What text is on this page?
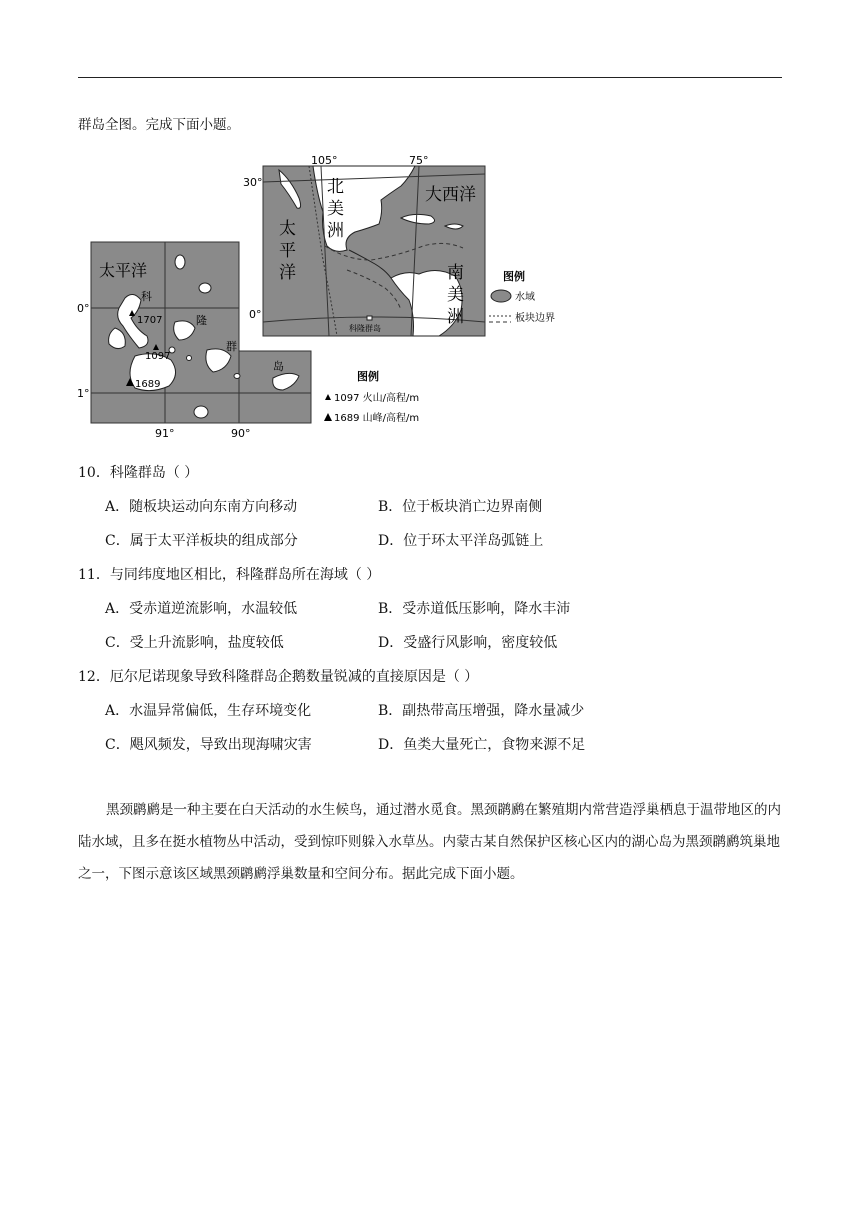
群岛全图。完成下面小题。
太平洋
科
隆
群
岛
1707
1097
1689
0°
1°
91°	90°
105°	75°
30°
0°
北
美
洲
太
平
洋
大西洋
南
美
洲
科隆群岛
图例
水域
板块边界
图例
1097 火山/高程/m
1689 山峰/高程/m
10．科隆群岛（ ）
A．随板块运动向东南方向移动	B．位于板块消亡边界南侧
C．属于太平洋板块的组成部分	D．位于环太平洋岛弧链上
11．与同纬度地区相比，科隆群岛所在海域（ ）
A．受赤道逆流影响，水温较低	B．受赤道低压影响，降水丰沛
C．受上升流影响，盐度较低	D．受盛行风影响，密度较低
12．厄尔尼诺现象导致科隆群岛企鹅数量锐减的直接原因是（ ）
A．水温异常偏低，生存环境变化	B．副热带高压增强，降水量减少
C．飓风频发，导致出现海啸灾害	D．鱼类大量死亡，食物来源不足
黑颈䴙䴘是一种主要在白天活动的水生候鸟，通过潜水觅食。黑颈䴙䴘在繁殖期内常营造浮巢栖息于温带地区的内陆水域，且多在挺水植物丛中活动，受到惊吓则躲入水草丛。内蒙古某自然保护区核心区内的湖心岛为黑颈䴙䴘筑巢地之一，下图示意该区域黑颈䴙䴘浮巢数量和空间分布。据此完成下面小题。
